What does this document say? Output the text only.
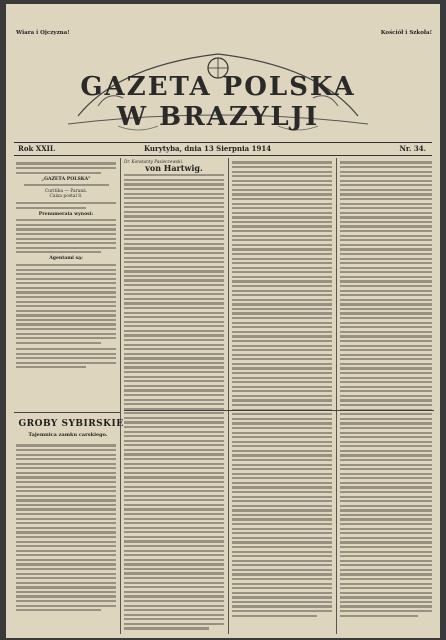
Wiara i Ojczyzna!	Kościół i Szkoła!
GAZETA POLSKA W BRAZYLJI
Rok XXII.	Kurytyba, dnia 13 Sierpnia 1914	Nr. 34.
„GAZETA POLSKA"
Curitiba — Paraná.
Caixa postal 8.
Prenumerata wynosi:
Agentami są:
GROBY SYBIRSKIE
Tajemnica zamku carskiego.
Dr. Konstanty Pasieczewski.
von Hartwig.
